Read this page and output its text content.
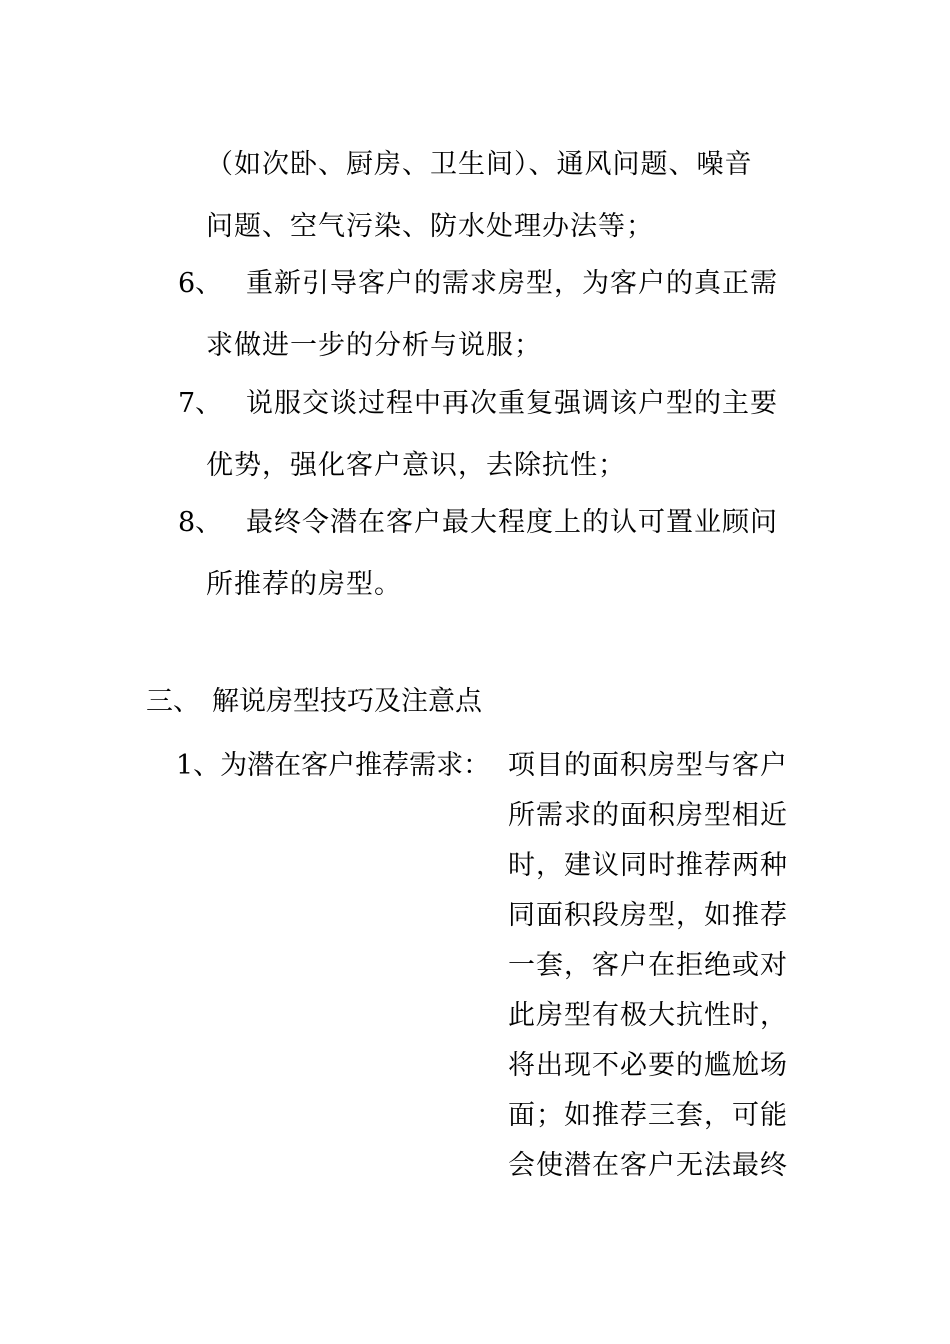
（如次卧、厨房、卫生间）、通风问题、噪音
问题、空气污染、防水处理办法等；
6、 重新引导客户的需求房型，为客户的真正需
求做进一步的分析与说服；
7、 说服交谈过程中再次重复强调该户型的主要
优势，强化客户意识，去除抗性；
8、 最终令潜在客户最大程度上的认可置业顾问
所推荐的房型。
三、 解说房型技巧及注意点
1、为潜在客户推荐需求： 项目的面积房型与客户
所需求的面积房型相近
时，建议同时推荐两种
同面积段房型，如推荐
一套，客户在拒绝或对
此房型有极大抗性时，
将出现不必要的尴尬场
面；如推荐三套，可能
会使潜在客户无法最终
